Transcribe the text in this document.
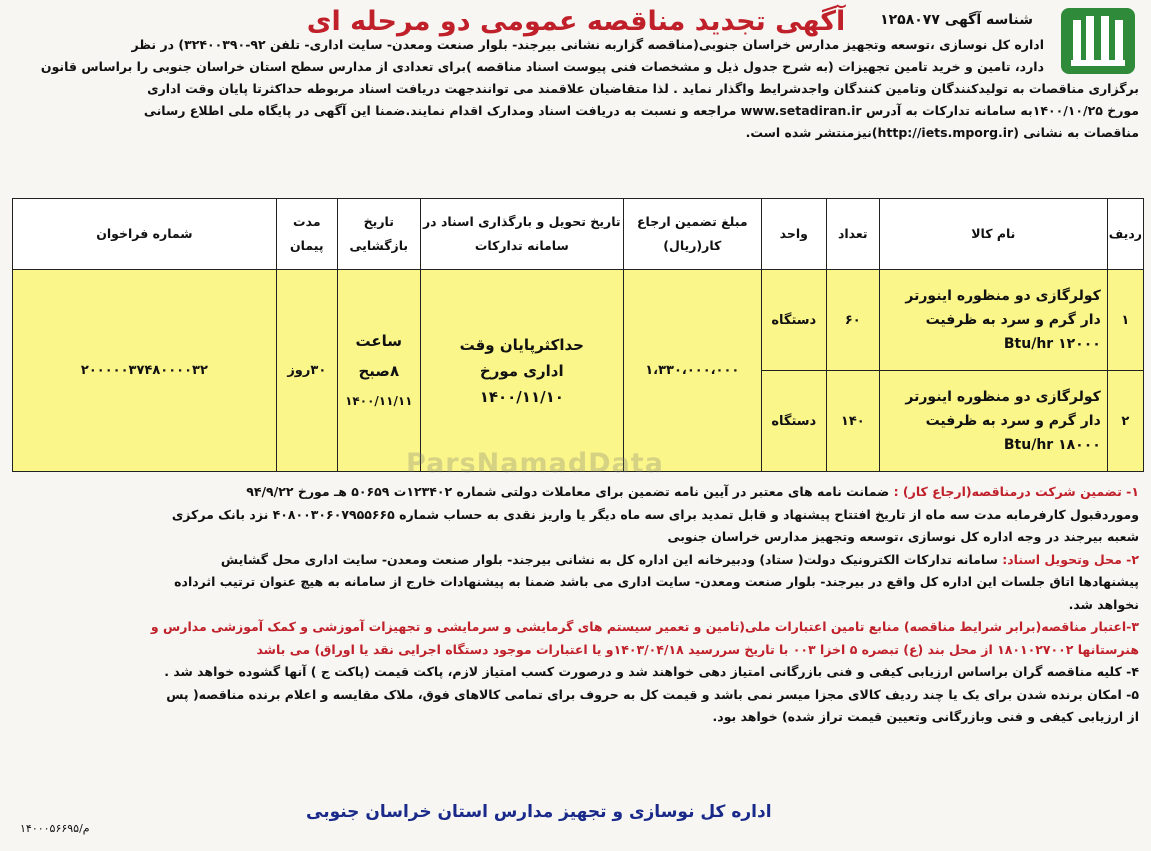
شناسه آگهی ۱۲۵۸۰۷۷
آگهی تجدید مناقصه عمومی دو مرحله ای

اداره کل نوسازی ،توسعه وتجهیز مدارس خراسان جنوبی(مناقصه گزاربه نشانی بیرجند- بلوار صنعت ومعدن- سایت اداری- تلفن ۹۲-۳۲۴۰۰۳۹۰) در نظر

دارد، تامین و خرید تامین تجهیزات (به شرح جدول ذیل و مشخصات فنی پیوست اسناد مناقصه )برای تعدادی از مدارس سطح استان خراسان جنوبی را براساس قانون

برگزاری مناقصات به تولیدکنندگان وتامین کنندگان واجدشرایط واگذار نماید . لذا متقاضیان علاقمند می توانندجهت دریافت اسناد مربوطه حداکثرتا پایان وقت اداری

مورخ ۱۴۰۰/۱۰/۲۵به سامانه تدارکات به آدرس www.setadiran.ir مراجعه و نسبت به دریافت اسناد ومدارک اقدام نمایند.ضمنا این آگهی در پایگاه ملی اطلاع رسانی

مناقصات به نشانی (http://iets.mporg.ir)نیزمنتشر شده است.

ردیف	نام کالا	تعداد	واحد	مبلغ تضمین ارجاع کار(ریال)	تاریخ تحویل و بارگذاری اسناد در سامانه تدارکات	تاریخ بازگشایی	مدت پیمان	شماره فراخوان
۱	کولرگازی دو منظوره اینورتر دار گرم و سرد به ظرفیت Btu/hr ۱۲۰۰۰	۶۰	دستگاه	۱،۳۳۰،۰۰۰،۰۰۰	حداکثرپایان وقت اداری مورخ ۱۴۰۰/۱۱/۱۰	ساعت ۸صبح
۱۴۰۰/۱۱/۱۱	۳۰روز	۲۰۰۰۰۰۳۷۴۸۰۰۰۰۳۲
۲	کولرگازی دو منظوره اینورتر دار گرم و سرد به ظرفیت Btu/hr ۱۸۰۰۰	۱۴۰	دستگاه					
ParsNamadData

۱- تضمین شرکت درمناقصه(ارجاع کار) : ضمانت نامه های معتبر در آیین نامه تضمین برای معاملات دولتی شماره ۱۲۳۴۰۲ت ۵۰۶۵۹ هـ مورخ ۹۴/۹/۲۲

وموردقبول کارفرمابه مدت سه ماه از تاریخ افتتاح پیشنهاد و قابل تمدید برای سه ماه دیگر یا واریز نقدی به حساب شماره ۴۰۸۰۰۳۰۶۰۷۹۵۵۶۶۵ نزد بانک مرکزی

شعبه بیرجند در وجه اداره کل نوسازی ،توسعه وتجهیز مدارس خراسان جنوبی

۲- محل وتحویل اسناد: سامانه تدارکات الکترونیک دولت( ستاد) ودبیرخانه این اداره کل به نشانی بیرجند- بلوار صنعت ومعدن- سایت اداری محل گشایش

پیشنهادها اتاق جلسات این اداره کل واقع در بیرجند- بلوار صنعت ومعدن- سایت اداری می باشد ضمنا به پیشنهادات خارج از سامانه به هیچ عنوان ترتیب اثرداده

نخواهد شد.

۳-اعتبار مناقصه(برابر شرایط مناقصه) منابع تامین اعتبارات ملی(تامین و تعمیر سیستم های گرمایشی و سرمایشی و تجهیزات آموزشی و کمک آموزشی مدارس و

هنرستانها ۱۸۰۱۰۲۷۰۰۲ از محل بند (ع) تبصره ۵ اخزا ۰۰۳ با تاریخ سررسید ۱۴۰۳/۰۴/۱۸و یا اعتبارات موجود دستگاه اجرایی نقد یا اوراق) می باشد

۴- کلیه مناقصه گران براساس ارزیابی کیفی و فنی بازرگانی امتیاز دهی خواهند شد و درصورت کسب امتیاز لازم، پاکت قیمت (پاکت ج ) آنها گشوده خواهد شد .

۵- امکان برنده شدن برای یک یا چند ردیف کالای مجزا میسر نمی باشد و قیمت کل به حروف برای تمامی کالاهای فوق، ملاک مقایسه و اعلام برنده مناقصه( پس

از ارزیابی کیفی و فنی وبازرگانی وتعیین قیمت تراز شده) خواهد بود.

اداره کل نوسازی و تجهیز مدارس استان خراسان جنوبی
۱۴۰۰۰۵۶۶۹۵/م
